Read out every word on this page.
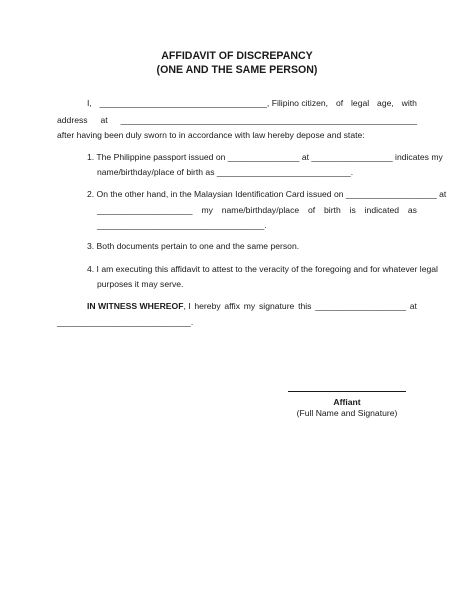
AFFIDAVIT OF DISCREPANCY
(ONE AND THE SAME PERSON)
I, ___________________________________, Filipino citizen, of legal age, with
address at ______________________________________________________________
after having been duly sworn to in accordance with law hereby depose and state:
1. The Philippine passport issued on _______________ at _________________ indicates my
name/birthday/place of birth as ____________________________.
2. On the other hand, in the Malaysian Identification Card issued on ___________________ at
____________________ my name/birthday/place of birth is indicated as
___________________________________.
3. Both documents pertain to one and the same person.
4. I am executing this affidavit to attest to the veracity of the foregoing and for whatever legal
purposes it may serve.
IN WITNESS WHEREOF, I hereby affix my signature this ___________________ at
____________________________.
Affiant
(Full Name and Signature)
